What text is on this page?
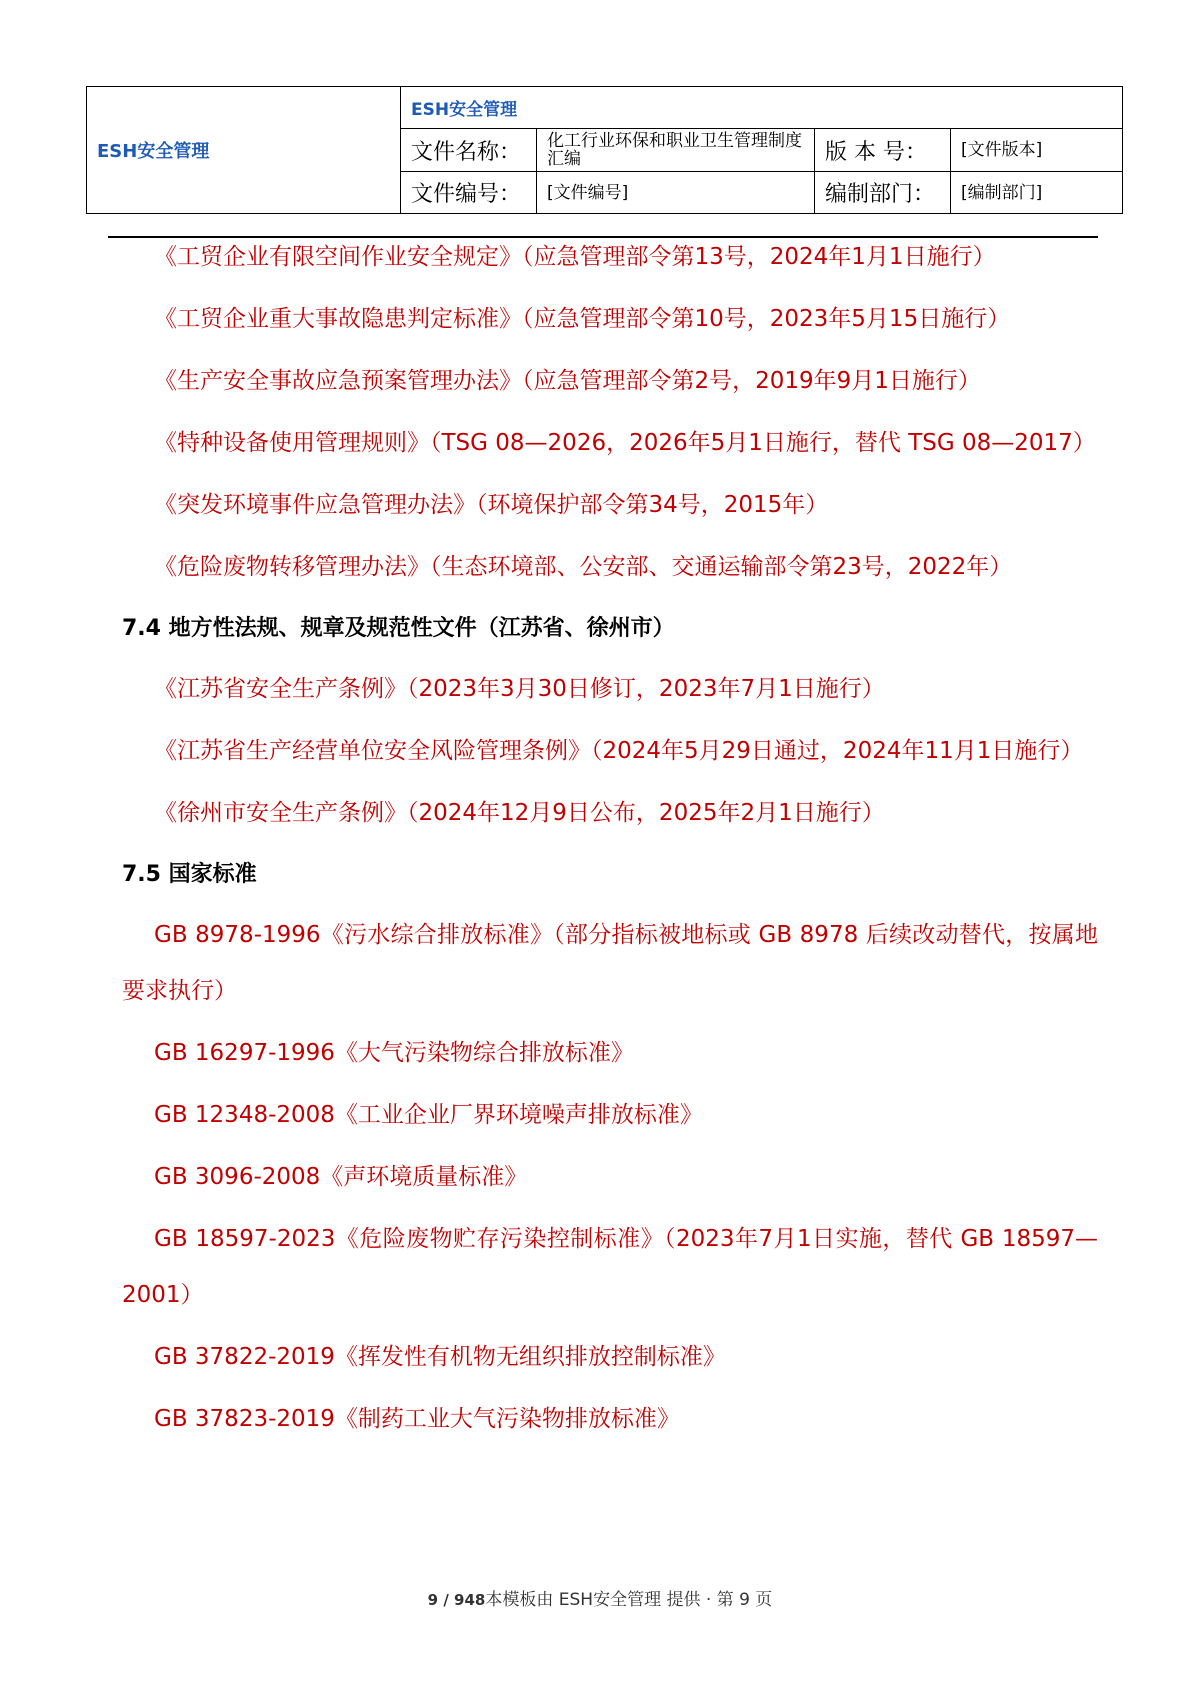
ESH安全管理	ESH安全管理			
	文件名称：	化工行业环保和职业卫生管理制度汇编	版 本 号：	[文件版本]
	文件编号：	[文件编号]	编制部门：	[编制部门]

《工贸企业有限空间作业安全规定》（应急管理部令第13号，2024年1月1日施行）

《工贸企业重大事故隐患判定标准》（应急管理部令第10号，2023年5月15日施行）

《生产安全事故应急预案管理办法》（应急管理部令第2号，2019年9月1日施行）

《特种设备使用管理规则》（TSG 08—2026，2026年5月1日施行，替代 TSG 08—2017）

《突发环境事件应急管理办法》（环境保护部令第34号，2015年）

《危险废物转移管理办法》（生态环境部、公安部、交通运输部令第23号，2022年）

7.4 地方性法规、规章及规范性文件（江苏省、徐州市）

《江苏省安全生产条例》（2023年3月30日修订，2023年7月1日施行）

《江苏省生产经营单位安全风险管理条例》（2024年5月29日通过，2024年11月1日施行）

《徐州市安全生产条例》（2024年12月9日公布，2025年2月1日施行）

7.5 国家标准

GB 8978-1996《污水综合排放标准》（部分指标被地标或 GB 8978 后续改动替代，按属地要求执行）

GB 16297-1996《大气污染物综合排放标准》

GB 12348-2008《工业企业厂界环境噪声排放标准》

GB 3096-2008《声环境质量标准》

GB 18597-2023《危险废物贮存污染控制标准》（2023年7月1日实施，替代 GB 18597—2001）

GB 37822-2019《挥发性有机物无组织排放控制标准》

GB 37823-2019《制药工业大气污染物排放标准》

9 / 948本模板由 ESH安全管理 提供 · 第 9 页
